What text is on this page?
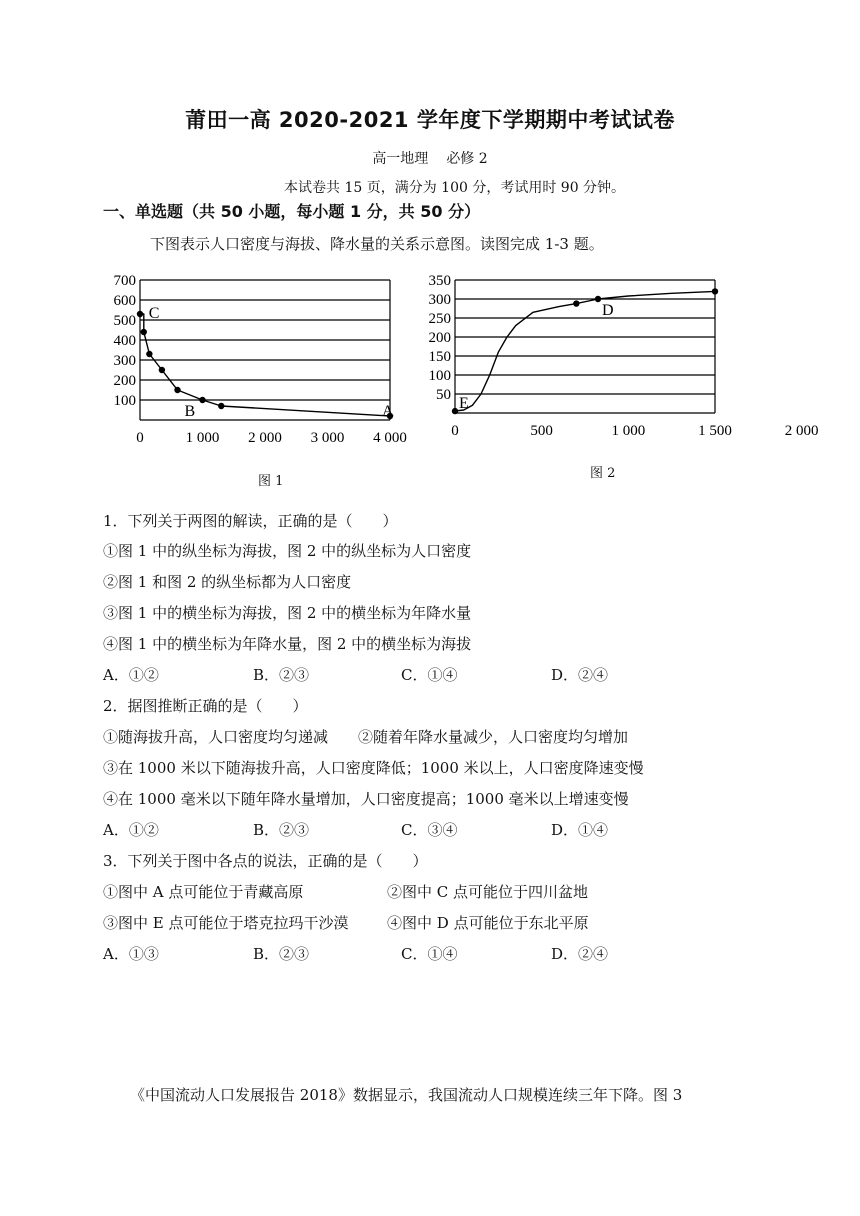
莆田一高 2020-2021 学年度下学期期中考试试卷
高一地理 必修 2
本试卷共 15 页，满分为 100 分，考试用时 90 分钟。
一、单选题（共 50 小题，每小题 1 分，共 50 分）
下图表示人口密度与海拔、降水量的关系示意图。读图完成 1-3 题。
700
600
500
400
300
200
100
0	1 000 2 000 3 000 4 000
C
B	A
图 1
350
300
250
200
150
100
50
0	500	1 000	1 500	2 000
E
D
图 2
1．下列关于两图的解读，正确的是（　　）
①图 1 中的纵坐标为海拔，图 2 中的纵坐标为人口密度
②图 1 和图 2 的纵坐标都为人口密度
③图 1 中的横坐标为海拔，图 2 中的横坐标为年降水量
④图 1 中的横坐标为年降水量，图 2 中的横坐标为海拔
A．①②	B．②③	C．①④	D．②④
2．据图推断正确的是（　　）
①随海拔升高，人口密度均匀递减　　②随着年降水量减少，人口密度均匀增加
③在 1000 米以下随海拔升高，人口密度降低；1000 米以上，人口密度降速变慢
④在 1000 毫米以下随年降水量增加，人口密度提高；1000 毫米以上增速变慢
A．①②	B．②③	C．③④	D．①④
3．下列关于图中各点的说法，正确的是（　　）
①图中 A 点可能位于青藏高原	②图中 C 点可能位于四川盆地
③图中 E 点可能位于塔克拉玛干沙漠	④图中 D 点可能位于东北平原
A．①③	B．②③	C．①④	D．②④
《中国流动人口发展报告 2018》数据显示，我国流动人口规模连续三年下降。图 3
